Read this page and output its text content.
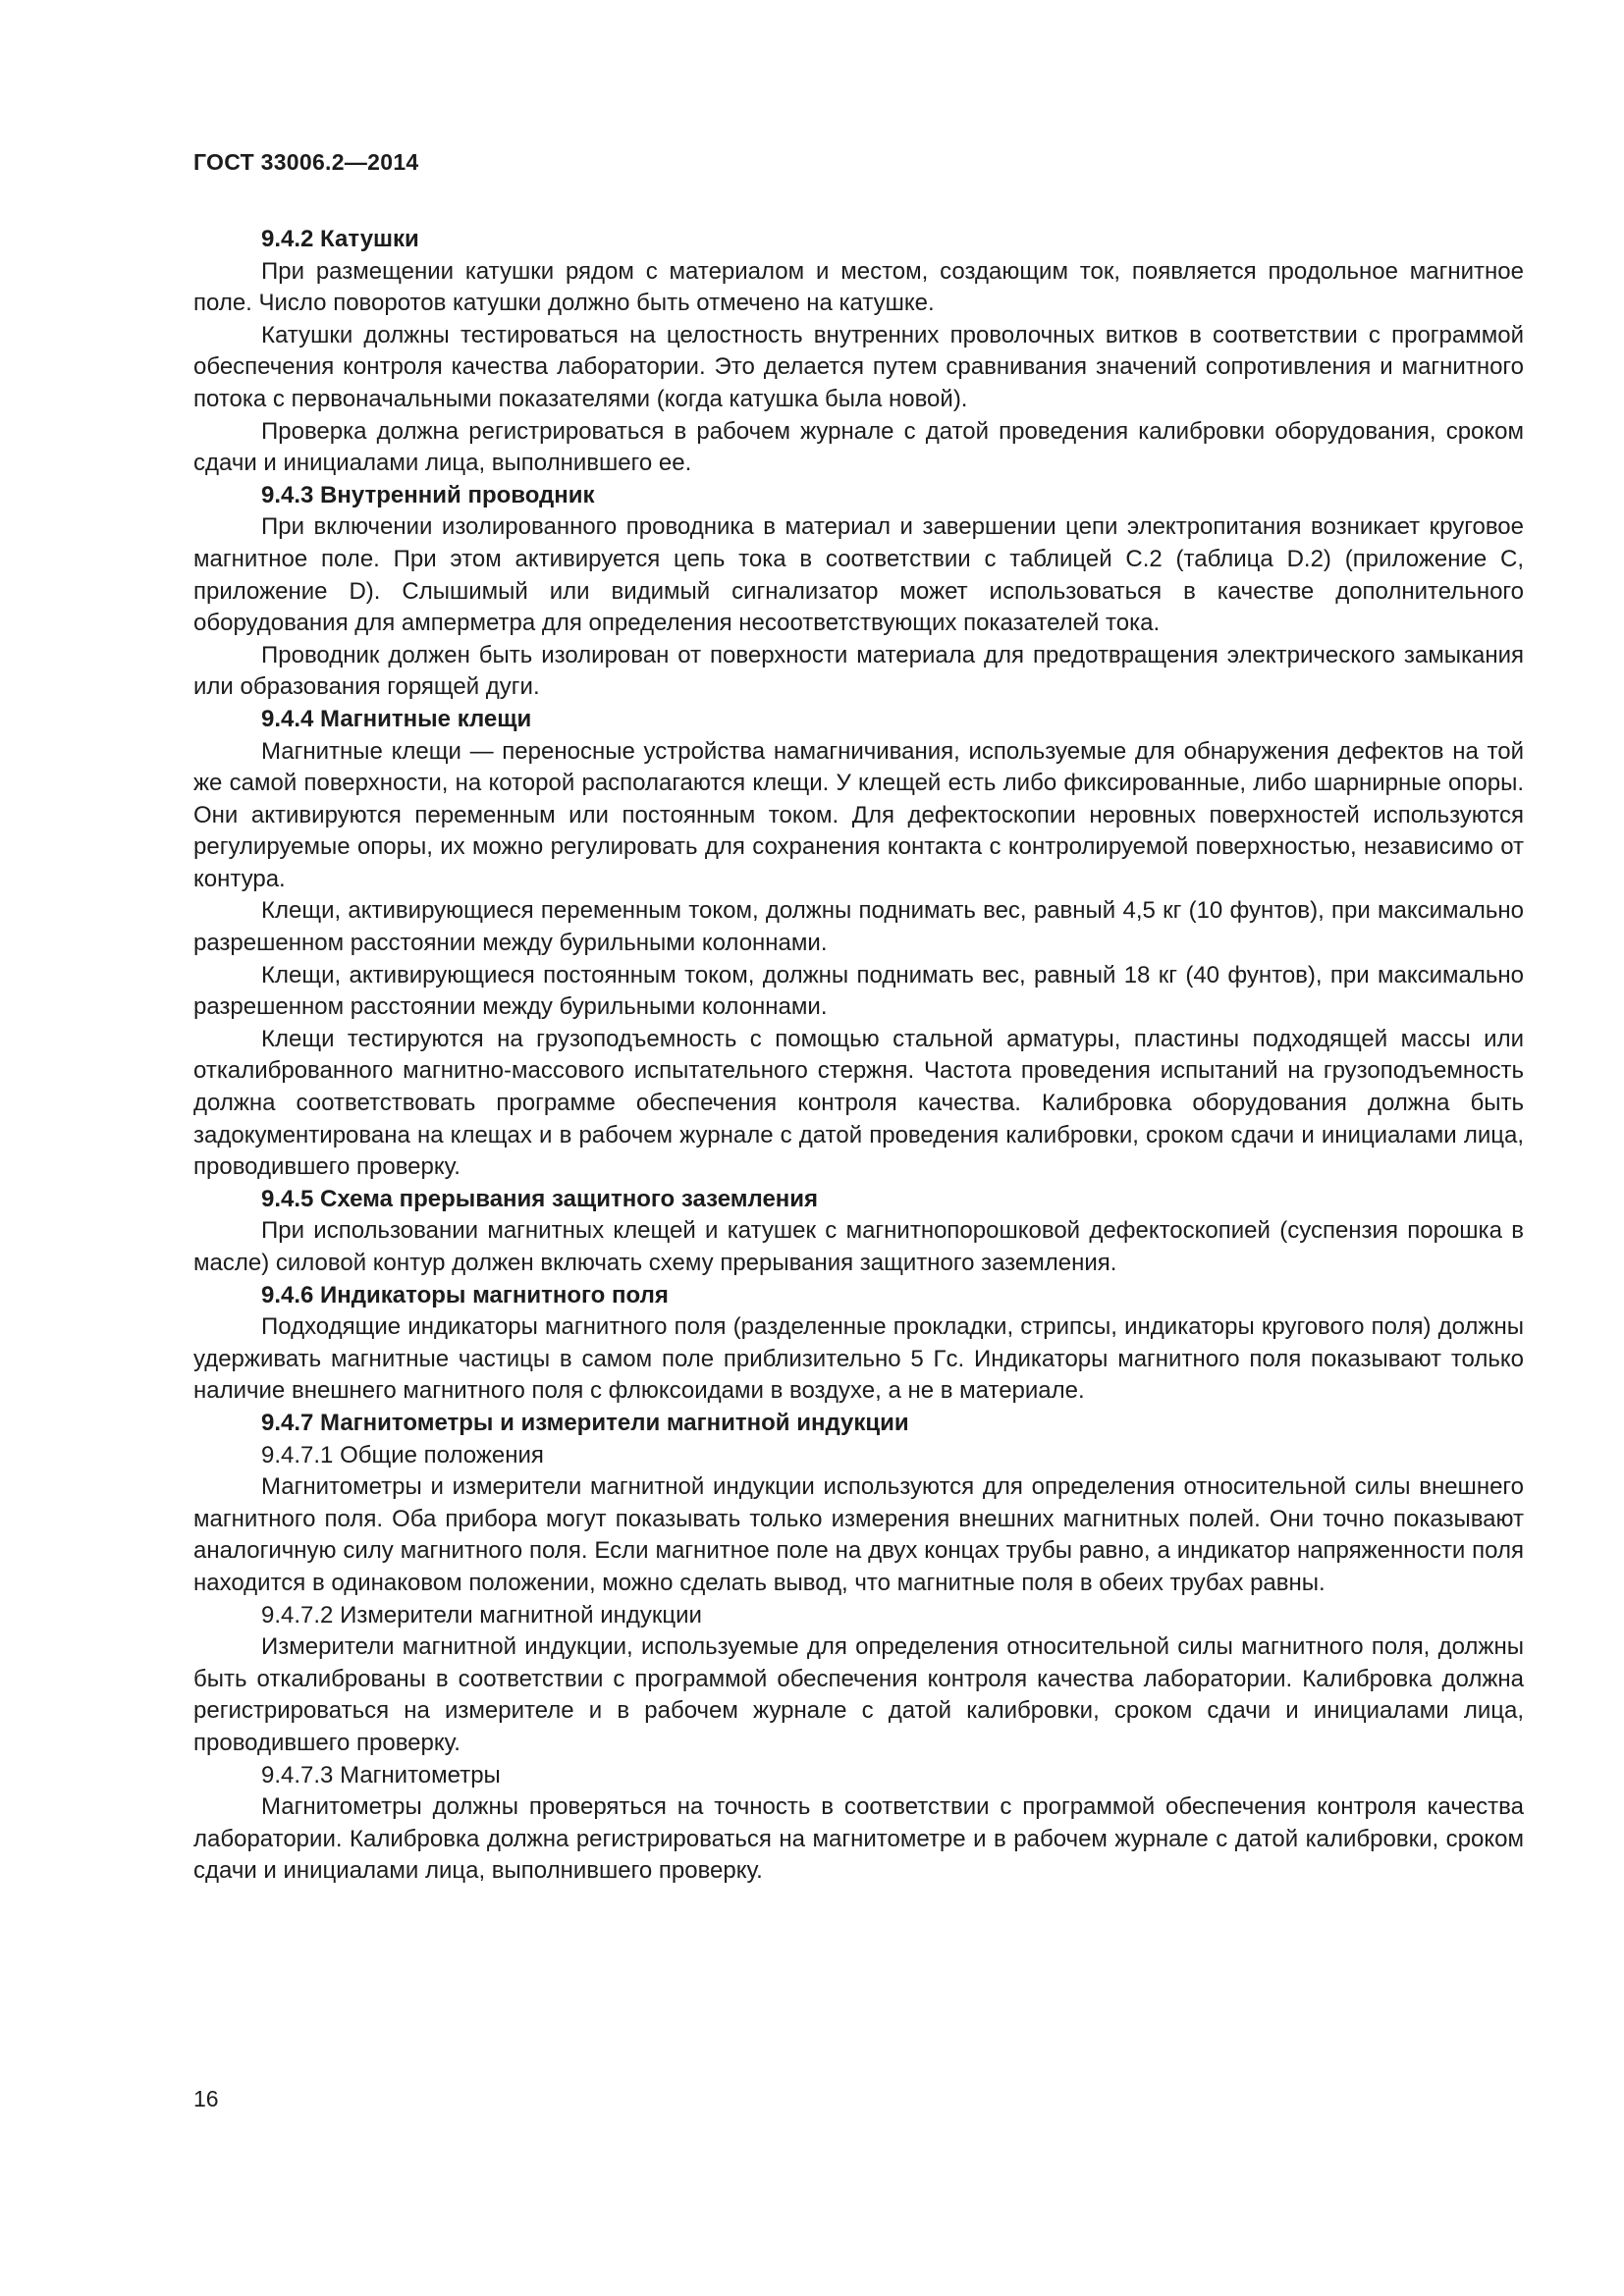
ГОСТ 33006.2—2014
9.4.2 Катушки
При размещении катушки рядом с материалом и местом, создающим ток, появляется продольное магнитное поле. Число поворотов катушки должно быть отмечено на катушке.
Катушки должны тестироваться на целостность внутренних проволочных витков в соответствии с программой обеспечения контроля качества лаборатории. Это делается путем сравнивания значений сопротивления и магнитного потока с первоначальными показателями (когда катушка была новой).
Проверка должна регистрироваться в рабочем журнале с датой проведения калибровки оборудования, сроком сдачи и инициалами лица, выполнившего ее.
9.4.3 Внутренний проводник
При включении изолированного проводника в материал и завершении цепи электропитания возникает круговое магнитное поле. При этом активируется цепь тока в соответствии с таблицей С.2 (таблица D.2) (приложение С, приложение D). Слышимый или видимый сигнализатор может использоваться в качестве дополнительного оборудования для амперметра для определения несоответствующих показателей тока.
Проводник должен быть изолирован от поверхности материала для предотвращения электрического замыкания или образования горящей дуги.
9.4.4 Магнитные клещи
Магнитные клещи — переносные устройства намагничивания, используемые для обнаружения дефектов на той же самой поверхности, на которой располагаются клещи. У клещей есть либо фиксированные, либо шарнирные опоры. Они активируются переменным или постоянным током. Для дефектоскопии неровных поверхностей используются регулируемые опоры, их можно регулировать для сохранения контакта с контролируемой поверхностью, независимо от контура.
Клещи, активирующиеся переменным током, должны поднимать вес, равный 4,5 кг (10 фунтов), при максимально разрешенном расстоянии между бурильными колоннами.
Клещи, активирующиеся постоянным током, должны поднимать вес, равный 18 кг (40 фунтов), при максимально разрешенном расстоянии между бурильными колоннами.
Клещи тестируются на грузоподъемность с помощью стальной арматуры, пластины подходящей массы или откалиброванного магнитно-массового испытательного стержня. Частота проведения испытаний на грузоподъемность должна соответствовать программе обеспечения контроля качества. Калибровка оборудования должна быть задокументирована на клещах и в рабочем журнале с датой проведения калибровки, сроком сдачи и инициалами лица, проводившего проверку.
9.4.5 Схема прерывания защитного заземления
При использовании магнитных клещей и катушек с магнитнопорошковой дефектоскопией (суспензия порошка в масле) силовой контур должен включать схему прерывания защитного заземления.
9.4.6 Индикаторы магнитного поля
Подходящие индикаторы магнитного поля (разделенные прокладки, стрипсы, индикаторы кругового поля) должны удерживать магнитные частицы в самом поле приблизительно 5 Гс. Индикаторы магнитного поля показывают только наличие внешнего магнитного поля с флюксоидами в воздухе, а не в материале.
9.4.7 Магнитометры и измерители магнитной индукции
9.4.7.1 Общие положения
Магнитометры и измерители магнитной индукции используются для определения относительной силы внешнего магнитного поля. Оба прибора могут показывать только измерения внешних магнитных полей. Они точно показывают аналогичную силу магнитного поля. Если магнитное поле на двух концах трубы равно, а индикатор напряженности поля находится в одинаковом положении, можно сделать вывод, что магнитные поля в обеих трубах равны.
9.4.7.2 Измерители магнитной индукции
Измерители магнитной индукции, используемые для определения относительной силы магнитного поля, должны быть откалиброваны в соответствии с программой обеспечения контроля качества лаборатории. Калибровка должна регистрироваться на измерителе и в рабочем журнале с датой калибровки, сроком сдачи и инициалами лица, проводившего проверку.
9.4.7.3 Магнитометры
Магнитометры должны проверяться на точность в соответствии с программой обеспечения контроля качества лаборатории. Калибровка должна регистрироваться на магнитометре и в рабочем журнале с датой калибровки, сроком сдачи и инициалами лица, выполнившего проверку.
16
